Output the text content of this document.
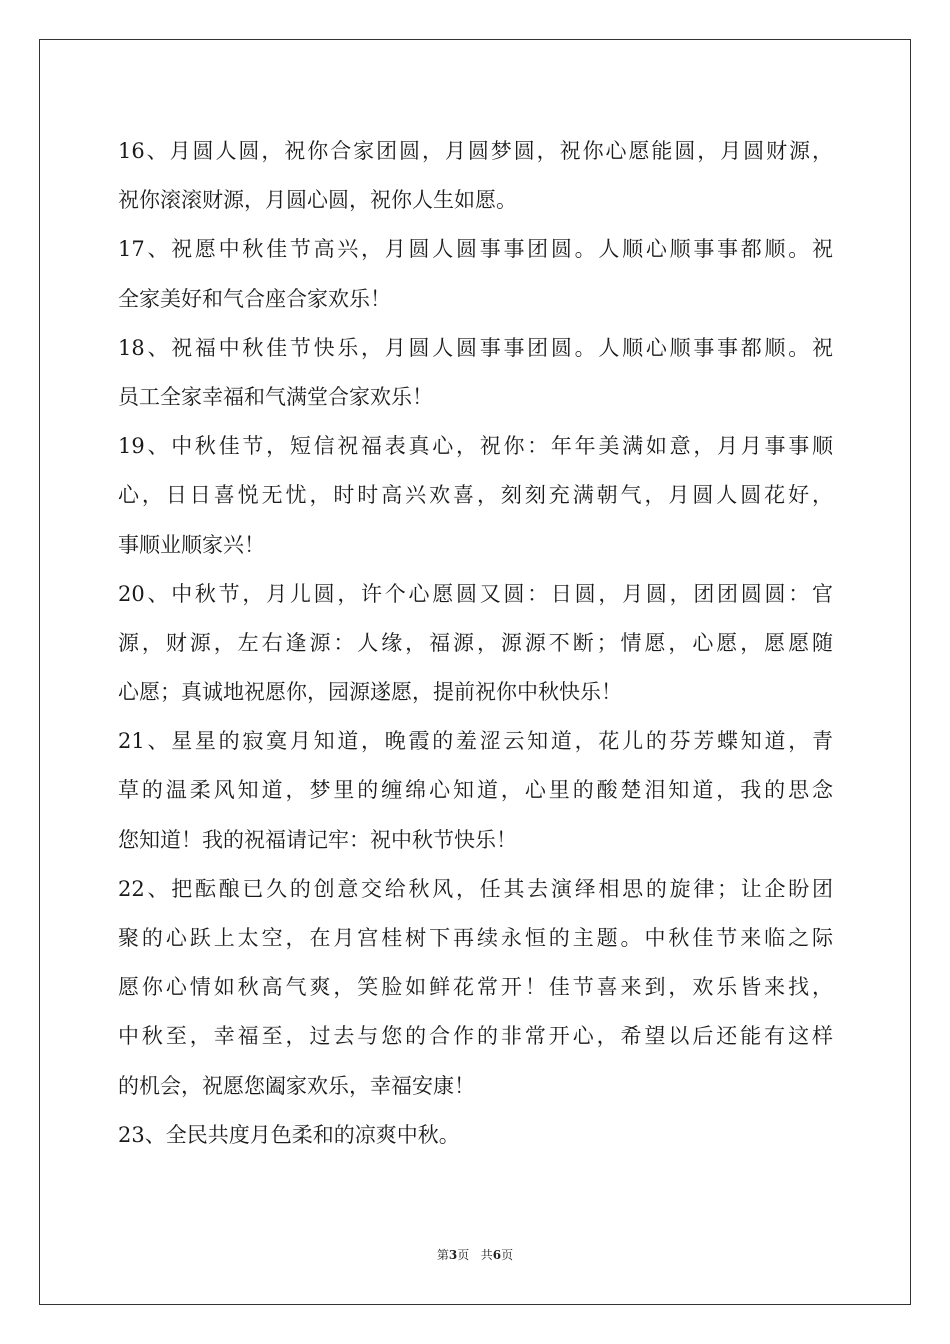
16、月圆人圆，祝你合家团圆，月圆梦圆，祝你心愿能圆，月圆财源，
祝你滚滚财源，月圆心圆，祝你人生如愿。
17、祝愿中秋佳节高兴，月圆人圆事事团圆。人顺心顺事事都顺。祝
全家美好和气合座合家欢乐！
18、祝福中秋佳节快乐，月圆人圆事事团圆。人顺心顺事事都顺。祝
员工全家幸福和气满堂合家欢乐！
19、中秋佳节，短信祝福表真心，祝你：年年美满如意，月月事事顺
心，日日喜悦无忧，时时高兴欢喜，刻刻充满朝气，月圆人圆花好，
事顺业顺家兴！
20、中秋节，月儿圆，许个心愿圆又圆：日圆，月圆，团团圆圆：官
源，财源，左右逢源：人缘，福源，源源不断；情愿，心愿，愿愿随
心愿；真诚地祝愿你，园源遂愿，提前祝你中秋快乐！
21、星星的寂寞月知道，晚霞的羞涩云知道，花儿的芬芳蝶知道，青
草的温柔风知道，梦里的缠绵心知道，心里的酸楚泪知道，我的思念
您知道！我的祝福请记牢：祝中秋节快乐！
22、把酝酿已久的创意交给秋风，任其去演绎相思的旋律；让企盼团
聚的心跃上太空，在月宫桂树下再续永恒的主题。中秋佳节来临之际
愿你心情如秋高气爽，笑脸如鲜花常开！佳节喜来到，欢乐皆来找，
中秋至，幸福至，过去与您的合作的非常开心，希望以后还能有这样
的机会，祝愿您阖家欢乐，幸福安康！
23、全民共度月色柔和的凉爽中秋。
第3页 共6页
